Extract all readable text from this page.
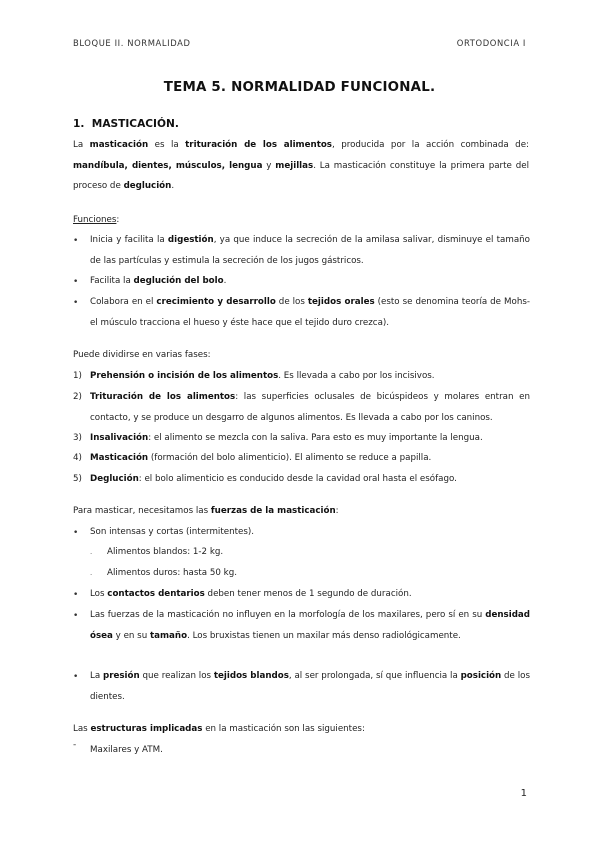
BLOQUE II. NORMALIDAD	ORTODONCIA I
TEMA 5. NORMALIDAD FUNCIONAL.
1.  MASTICACIÓN.
La masticación es la trituración de los alimentos, producida por la acción combinada de: mandíbula, dientes, músculos, lengua y mejillas. La masticación constituye la primera parte del proceso de deglución.
Funciones:
• Inicia y facilita la digestión, ya que induce la secreción de la amilasa salivar, disminuye el tamaño de las partículas y estimula la secreción de los jugos gástricos.
• Facilita la deglución del bolo.
• Colabora en el crecimiento y desarrollo de los tejidos orales (esto se denomina teoría de Mohs- el músculo tracciona el hueso y éste hace que el tejido duro crezca).
Puede dividirse en varias fases:
1) Prehensión o incisión de los alimentos. Es llevada a cabo por los incisivos.
2) Trituración de los alimentos: las superficies oclusales de bicúspideos y molares entran en contacto, y se produce un desgarro de algunos alimentos. Es llevada a cabo por los caninos.
3) Insalivación: el alimento se mezcla con la saliva. Para esto es muy importante la lengua.
4) Masticación (formación del bolo alimenticio). El alimento se reduce a papilla.
5) Deglución: el bolo alimenticio es conducido desde la cavidad oral hasta el esófago.
Para masticar, necesitamos las fuerzas de la masticación:
• Son intensas y cortas (intermitentes).
· Alimentos blandos: 1-2 kg.
· Alimentos duros: hasta 50 kg.
• Los contactos dentarios deben tener menos de 1 segundo de duración.
• Las fuerzas de la masticación no influyen en la morfología de los maxilares, pero sí en su densidad ósea y en su tamaño. Los bruxistas tienen un maxilar más denso radiológicamente.
• La presión que realizan los tejidos blandos, al ser prolongada, sí que influencia la posición de los dientes.
Las estructuras implicadas en la masticación son las siguientes:
- Maxilares y ATM.
1
